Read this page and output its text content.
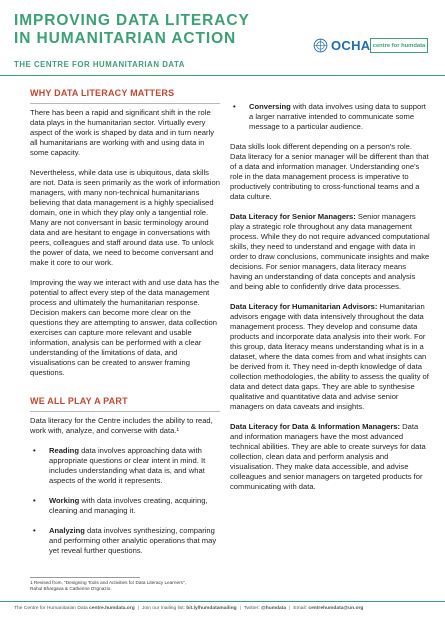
IMPROVING DATA LITERACY
IN HUMANITARIAN ACTION	OCHA centre for humdata
THE CENTRE FOR HUMANITARIAN DATA
WHY DATA LITERACY MATTERS

There has been a rapid and significant shift in the role data plays in the humanitarian sector. Virtually every aspect of the work is shaped by data and in turn nearly all humanitarians are working with and using data in some capacity.

Nevertheless, while data use is ubiquitous, data skills are not. Data is seen primarily as the work of information managers, with many non-technical humanitarians believing that data management is a highly specialised domain, one in which they play only a tangential role. Many are not conversant in basic terminology around data and are hesitant to engage in conversations with peers, colleagues and staff around data use. To unlock the power of data, we need to become conversant and make it core to our work.

Improving the way we interact with and use data has the potential to affect every step of the data management process and ultimately the humanitarian response. Decision makers can become more clear on the questions they are attempting to answer, data collection exercises can capture more relevant and usable information, analysis can be performed with a clear understanding of the limitations of data, and visualisations can be created to answer framing questions.

WE ALL PLAY A PART

Data literacy for the Centre includes the ability to read, work with, analyze, and converse with data.¹

• Reading data involves approaching data with appropriate questions or clear intent in mind. It includes understanding what data is, and what aspects of the world it represents.
• Working with data involves creating, acquiring, cleaning and managing it.
• Analyzing data involves synthesizing, comparing and performing other analytic operations that may yet reveal further questions.
• Conversing with data involves using data to support a larger narrative intended to communicate some message to a particular audience.

Data skills look different depending on a person's role. Data literacy for a senior manager will be different than that of a data and information manager. Understanding one's role in the data management process is imperative to productively contributing to cross-functional teams and a data culture.

Data Literacy for Senior Managers: Senior managers play a strategic role throughout any data management process. While they do not require advanced computational skills, they need to understand and engage with data in order to draw conclusions, communicate insights and make decisions. For senior managers, data literacy means having an understanding of data concepts and analysis and being able to confidently drive data processes.

Data Literacy for Humanitarian Advisors: Humanitarian advisors engage with data intensively throughout the data management process. They develop and consume data products and incorporate data analysis into their work. For this group, data literacy means understanding what is in a dataset, where the data comes from and what insights can be derived from it. They need in-depth knowledge of data collection methodologies, the ability to assess the quality of data and detect data gaps. They are able to synthesise qualitative and quantitative data and advise senior managers on data caveats and insights.

Data Literacy for Data & Information Managers: Data and information managers have the most advanced technical abilities. They are able to create surveys for data collection, clean data and perform analysis and visualisation. They make data accessible, and advise colleagues and senior managers on targeted products for communicating with data.

1 Revised from, "Designing Tools and Activities for Data Literacy Learners",
Rahul Bhargava & Catherine D'Ignazio.
The Centre for Humanitarian Data centre.humdata.org | Join our mailing list: bit.ly/humdatamailing | Twitter: @humdata | Email: centrehumdata@un.org
